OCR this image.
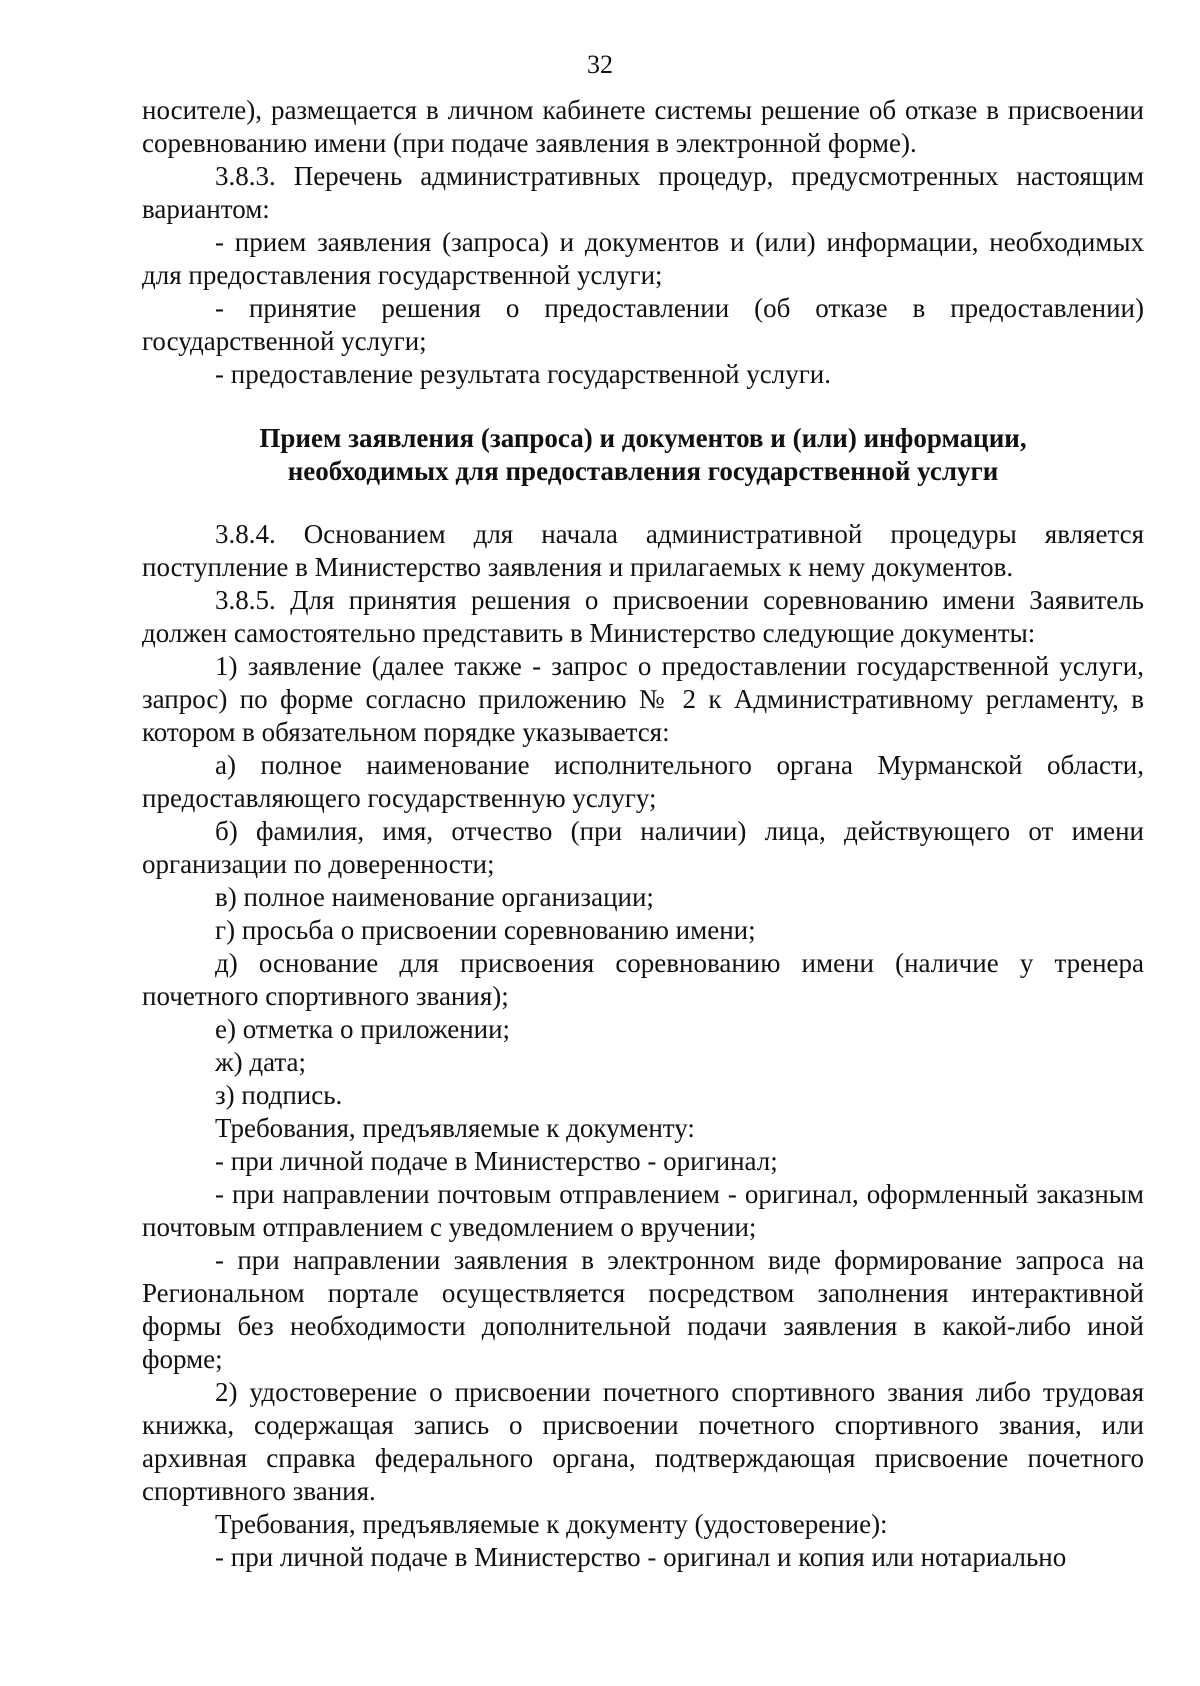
32

носителе), размещается в личном кабинете системы решение об отказе в присвоении соревнованию имени (при подаче заявления в электронной форме).

3.8.3. Перечень административных процедур, предусмотренных настоящим вариантом:

- прием заявления (запроса) и документов и (или) информации, необходимых для предоставления государственной услуги;

- принятие решения о предоставлении (об отказе в предоставлении) государственной услуги;

- предоставление результата государственной услуги.

Прием заявления (запроса) и документов и (или) информации,
необходимых для предоставления государственной услуги

3.8.4. Основанием для начала административной процедуры является поступление в Министерство заявления и прилагаемых к нему документов.

3.8.5. Для принятия решения о присвоении соревнованию имени Заявитель должен самостоятельно представить в Министерство следующие документы:

1) заявление (далее также - запрос о предоставлении государственной услуги, запрос) по форме согласно приложению № 2 к Административному регламенту, в котором в обязательном порядке указывается:

а) полное наименование исполнительного органа Мурманской области, предоставляющего государственную услугу;

б) фамилия, имя, отчество (при наличии) лица, действующего от имени организации по доверенности;

в) полное наименование организации;

г) просьба о присвоении соревнованию имени;

д) основание для присвоения соревнованию имени (наличие у тренера почетного спортивного звания);

е) отметка о приложении;

ж) дата;

з) подпись.

Требования, предъявляемые к документу:

- при личной подаче в Министерство - оригинал;

- при направлении почтовым отправлением - оригинал, оформленный заказным почтовым отправлением с уведомлением о вручении;

- при направлении заявления в электронном виде формирование запроса на Региональном портале осуществляется посредством заполнения интерактивной формы без необходимости дополнительной подачи заявления в какой-либо иной форме;

2) удостоверение о присвоении почетного спортивного звания либо трудовая книжка, содержащая запись о присвоении почетного спортивного звания, или архивная справка федерального органа, подтверждающая присвоение почетного спортивного звания.

Требования, предъявляемые к документу (удостоверение):

- при личной подаче в Министерство - оригинал и копия или нотариально
